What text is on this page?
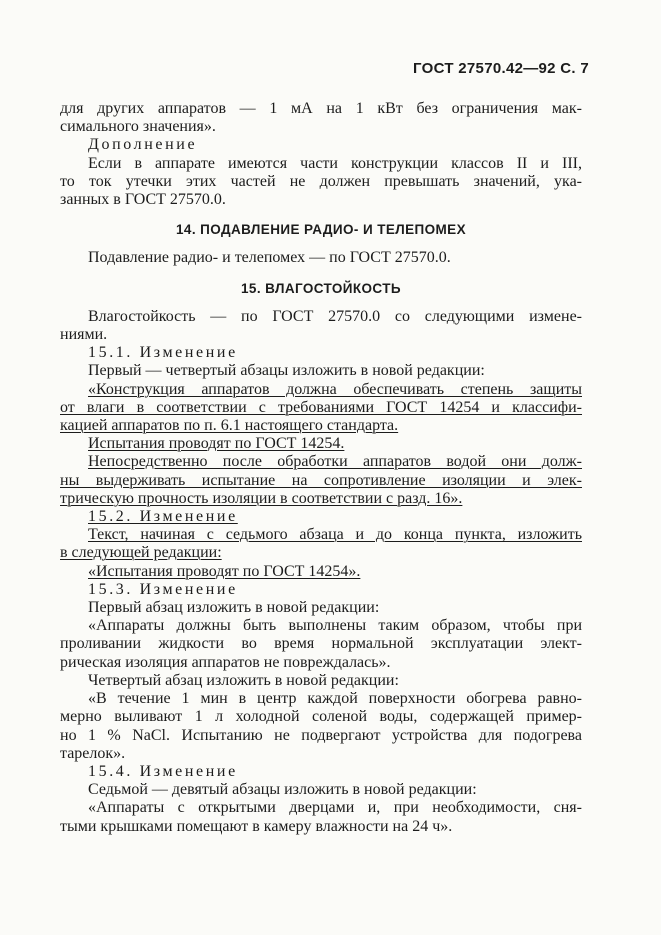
ГОСТ 27570.42—92 С. 7

для других аппаратов — 1 мА на 1 кВт без ограничения мак-

симального значения».

Дополнение

Если в аппарате имеются части конструкции классов II и III,

то ток утечки этих частей не должен превышать значений, ука-

занных в ГОСТ 27570.0.

14. ПОДАВЛЕНИЕ РАДИО- И ТЕЛЕПОМЕХ

Подавление радио- и телепомех — по ГОСТ 27570.0.

15. ВЛАГОСТОЙКОСТЬ

Влагостойкость — по ГОСТ 27570.0 со следующими измене-

ниями.

15.1. Изменение

Первый — четвертый абзацы изложить в новой редакции:

«Конструкция аппаратов должна обеспечивать степень защиты

от влаги в соответствии с требованиями ГОСТ 14254 и классифи-

кацией аппаратов по п. 6.1 настоящего стандарта.

Испытания проводят по ГОСТ 14254.

Непосредственно после обработки аппаратов водой они долж-

ны выдерживать испытание на сопротивление изоляции и элек-

трическую прочность изоляции в соответствии с разд. 16».

15.2. Изменение

Текст, начиная с седьмого абзаца и до конца пункта, изложить

в следующей редакции:

«Испытания проводят по ГОСТ 14254».

15.3. Изменение

Первый абзац изложить в новой редакции:

«Аппараты должны быть выполнены таким образом, чтобы при

проливании жидкости во время нормальной эксплуатации элект-

рическая изоляция аппаратов не повреждалась».

Четвертый абзац изложить в новой редакции:

«В течение 1 мин в центр каждой поверхности обогрева равно-

мерно выливают 1 л холодной соленой воды, содержащей пример-

но 1 % NaCl. Испытанию не подвергают устройства для подогрева

тарелок».

15.4. Изменение

Седьмой — девятый абзацы изложить в новой редакции:

«Аппараты с открытыми дверцами и, при необходимости, сня-

тыми крышками помещают в камеру влажности на 24 ч».
